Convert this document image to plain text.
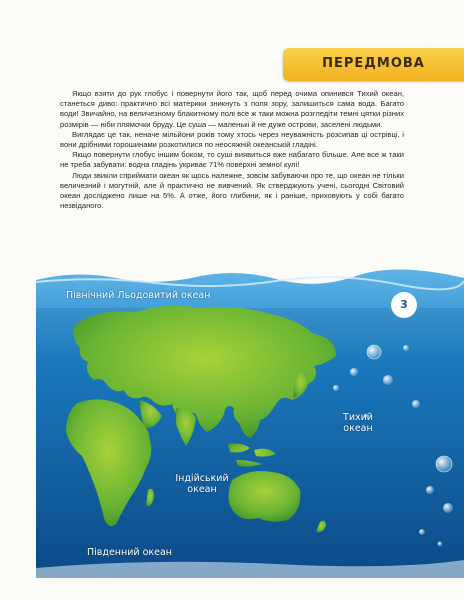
ПЕРЕДМОВА

Якщо взяти до рук глобус і повернути його так, щоб перед очима опинився Тихий океан, станеться диво: практично всі материки зникнуть з поля зору, залишиться сама вода. Багато води! Звичайно, на величезному блакитному полі все ж таки можна розгледіти темні цятки різних розмірів — ніби плямочки бруду. Це суша — маленькі й не дуже острови, заселені людьми.

Виглядає це так, неначе мільйони років тому хтось через неуважність розсипав ці острівці, і вони дрібними горошинами розкотилися по неосяжній океанській гладіні.

Якщо повернути глобус іншим боком, то суші виявиться вже набагато більше. Але все ж таки не треба забувати: водна гладінь укриває 71% поверхні земної кулі!

Люди звикли сприймати океан як щось належне, зовсім забуваючи про те, що океан не тільки величезний і могутній, але й практично не вивчений. Як стверджують учені, сьогодні Світовий океан досліджено лише на 5%. А отже, його глибини, як і раніше, приховують у собі багато незвіданого.

Північний Льодовитий океан
Тихий
океан
Індійський
океан
Південний океан
3
